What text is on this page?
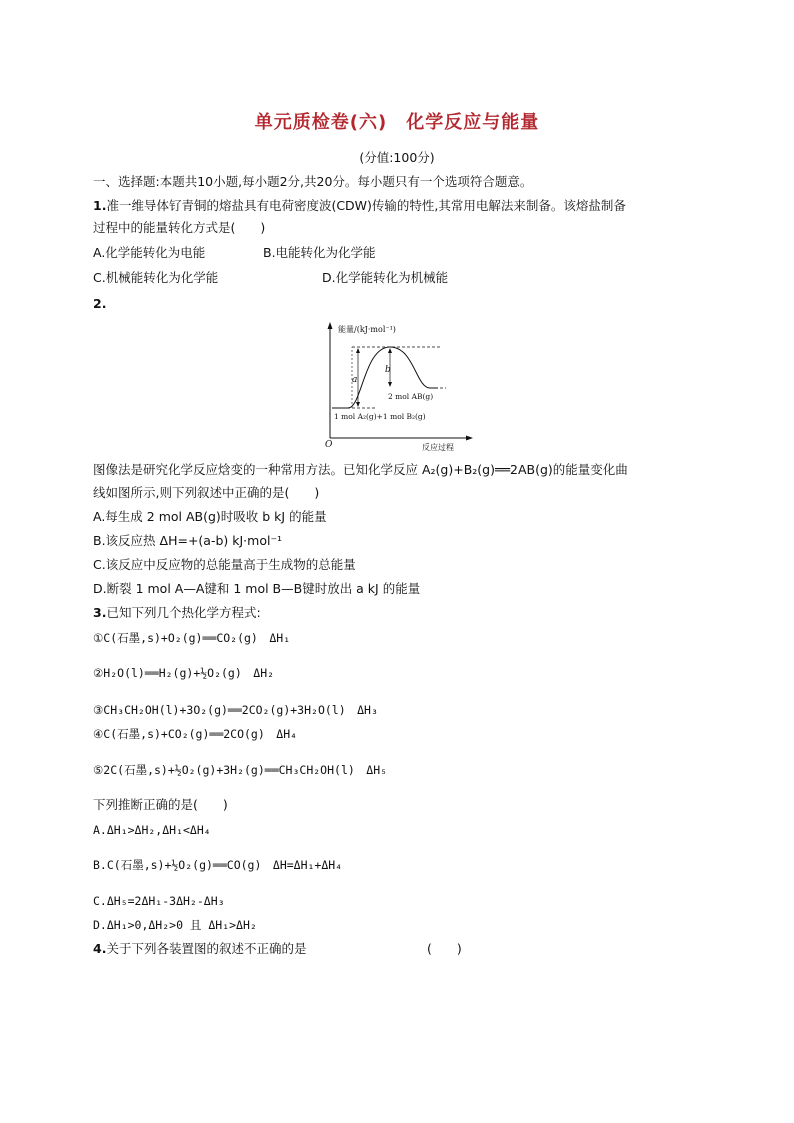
单元质检卷(六)　化学反应与能量
(分值:100分)
一、选择题:本题共10小题,每小题2分,共20分。每小题只有一个选项符合题意。
1.准一维导体钌青铜的熔盐具有电荷密度波(CDW)传输的特性,其常用电解法来制备。该熔盐制备
过程中的能量转化方式是(　　)
A.化学能转化为电能	B.电能转化为化学能
C.机械能转化为化学能	D.化学能转化为机械能
2.
能量/(kJ·mol⁻¹)
反应过程
O
a
b
2 mol AB(g)
1 mol A₂(g)+1 mol B₂(g)
图像法是研究化学反应焓变的一种常用方法。已知化学反应 A₂(g)+B₂(g)══2AB(g)的能量变化曲
线如图所示,则下列叙述中正确的是(　　)
A.每生成 2 mol AB(g)时吸收 b kJ 的能量
B.该反应热 ΔH=+(a-b) kJ·mol⁻¹
C.该反应中反应物的总能量高于生成物的总能量
D.断裂 1 mol A—A键和 1 mol B—B键时放出 a kJ 的能量
3.已知下列几个热化学方程式:
①C(石墨,s)+O₂(g)══CO₂(g)　ΔH₁
②H₂O(l)══H₂(g)+½O₂(g)　ΔH₂
③CH₃CH₂OH(l)+3O₂(g)══2CO₂(g)+3H₂O(l)　ΔH₃
④C(石墨,s)+CO₂(g)══2CO(g)　ΔH₄
⑤2C(石墨,s)+½O₂(g)+3H₂(g)══CH₃CH₂OH(l)　ΔH₅
下列推断正确的是(　　)
A.ΔH₁>ΔH₂,ΔH₁<ΔH₄
B.C(石墨,s)+½O₂(g)══CO(g)　ΔH=ΔH₁+ΔH₄
C.ΔH₅=2ΔH₁-3ΔH₂-ΔH₃
D.ΔH₁>0,ΔH₂>0 且 ΔH₁>ΔH₂
4.关于下列各装置图的叙述不正确的是	(　　)
